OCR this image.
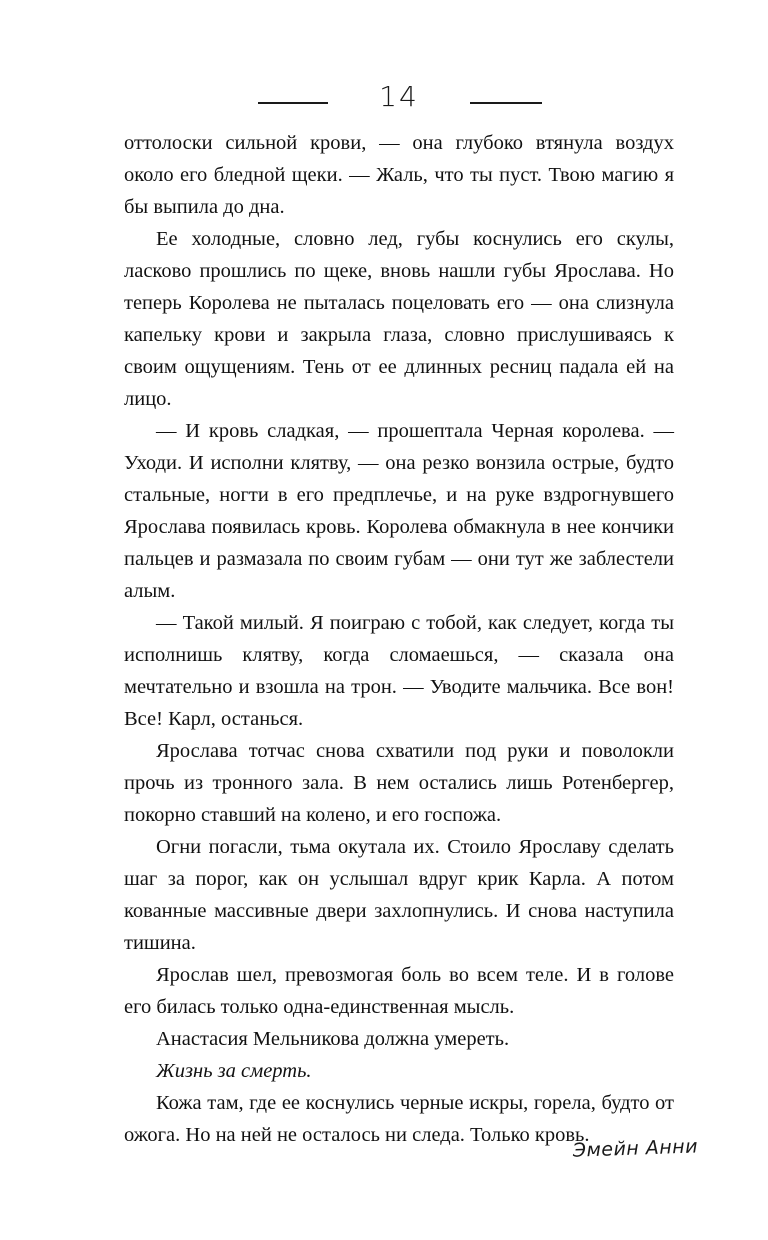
14

оттолоски сильной крови, — она глубоко втянула воздух около его бледной щеки. — Жаль, что ты пуст. Твою магию я бы выпила до дна.

Ее холодные, словно лед, губы коснулись его скулы, ласково прошлись по щеке, вновь нашли губы Ярослава. Но теперь Королева не пыталась поцеловать его — она слизнула капельку крови и закрыла глаза, словно прислушиваясь к своим ощущениям. Тень от ее длинных ресниц падала ей на лицо.

— И кровь сладкая, — прошептала Черная королева. — Уходи. И исполни клятву, — она резко вонзила острые, будто стальные, ногти в его предплечье, и на руке вздрогнувшего Ярослава появилась кровь. Королева обмакнула в нее кончики пальцев и размазала по своим губам — они тут же заблестели алым.

— Такой милый. Я поиграю с тобой, как следует, когда ты исполнишь клятву, когда сломаешься, — сказала она мечтательно и взошла на трон. — Уводите мальчика. Все вон! Все! Карл, останься.

Ярослава тотчас снова схватили под руки и поволокли прочь из тронного зала. В нем остались лишь Ротенбергер, покорно ставший на колено, и его госпожа.

Огни погасли, тьма окутала их. Стоило Ярославу сделать шаг за порог, как он услышал вдруг крик Карла. А потом кованные массивные двери захлопнулись. И снова наступила тишина.

Ярослав шел, превозмогая боль во всем теле. И в голове его билась только одна-единственная мысль.

Анастасия Мельникова должна умереть.

Жизнь за смерть.

Кожа там, где ее коснулись черные искры, горела, будто от ожога. Но на ней не осталось ни следа. Только кровь.

Эмейн Анни
